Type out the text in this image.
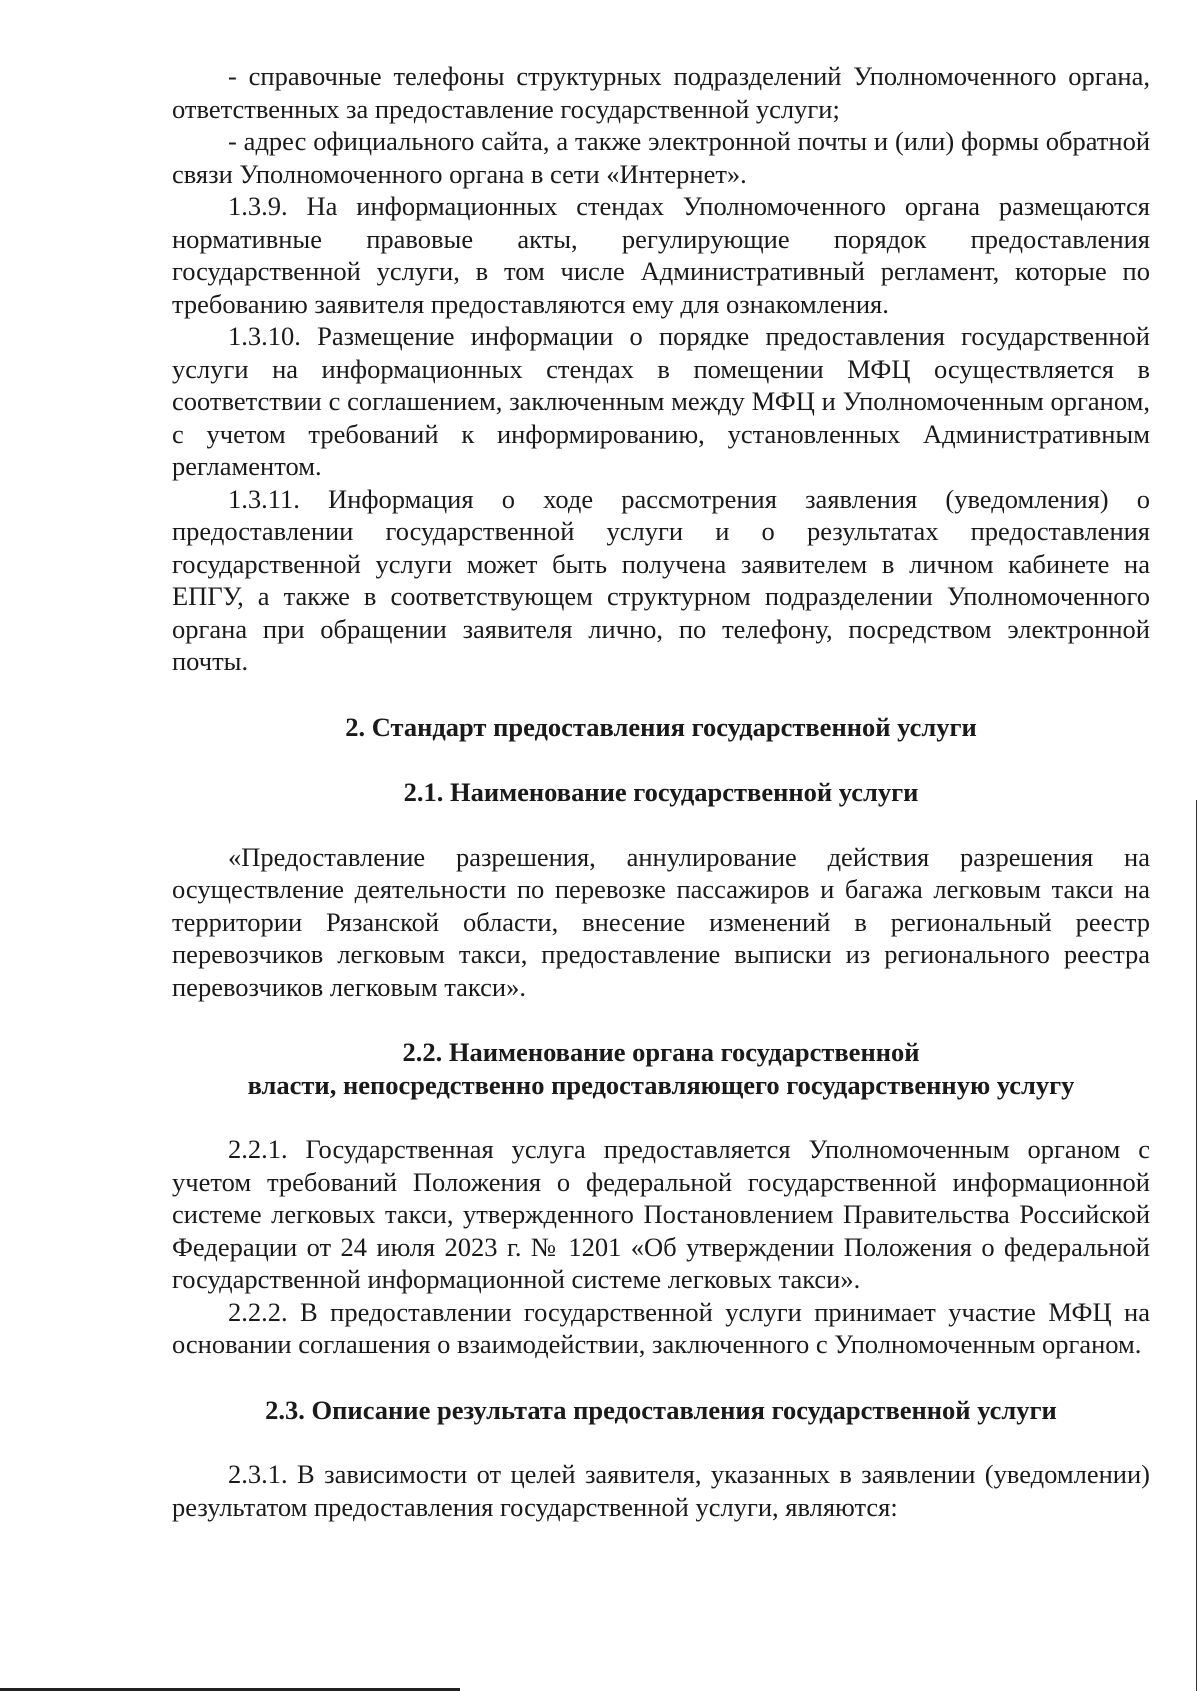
- справочные телефоны структурных подразделений Уполномоченного органа, ответственных за предоставление государственной услуги;

- адрес официального сайта, а также электронной почты и (или) формы обратной связи Уполномоченного органа в сети «Интернет».

1.3.9. На информационных стендах Уполномоченного органа размещаются нормативные правовые акты, регулирующие порядок предоставления государственной услуги, в том числе Административный регламент, которые по требованию заявителя предоставляются ему для ознакомления.

1.3.10. Размещение информации о порядке предоставления государственной услуги на информационных стендах в помещении МФЦ осуществляется в соответствии с соглашением, заключенным между МФЦ и Уполномоченным органом, с учетом требований к информированию, установленных Административным регламентом.

1.3.11. Информация о ходе рассмотрения заявления (уведомления) о предоставлении государственной услуги и о результатах предоставления государственной услуги может быть получена заявителем в личном кабинете на ЕПГУ, а также в соответствующем структурном подразделении Уполномоченного органа при обращении заявителя лично, по телефону, посредством электронной почты.

2. Стандарт предоставления государственной услуги
2.1. Наименование государственной услуги

«Предоставление разрешения, аннулирование действия разрешения на осуществление деятельности по перевозке пассажиров и багажа легковым такси на территории Рязанской области, внесение изменений в региональный реестр перевозчиков легковым такси, предоставление выписки из регионального реестра перевозчиков легковым такси».

2.2. Наименование органа государственной
власти, непосредственно предоставляющего государственную услугу

2.2.1. Государственная услуга предоставляется Уполномоченным органом с учетом требований Положения о федеральной государственной информационной системе легковых такси, утвержденного Постановлением Правительства Российской Федерации от 24 июля 2023 г. № 1201 «Об утверждении Положения о федеральной государственной информационной системе легковых такси».

2.2.2. В предоставлении государственной услуги принимает участие МФЦ на основании соглашения о взаимодействии, заключенного с Уполномоченным органом.

2.3. Описание результата предоставления государственной услуги

2.3.1. В зависимости от целей заявителя, указанных в заявлении (уведомлении) результатом предоставления государственной услуги, являются:
